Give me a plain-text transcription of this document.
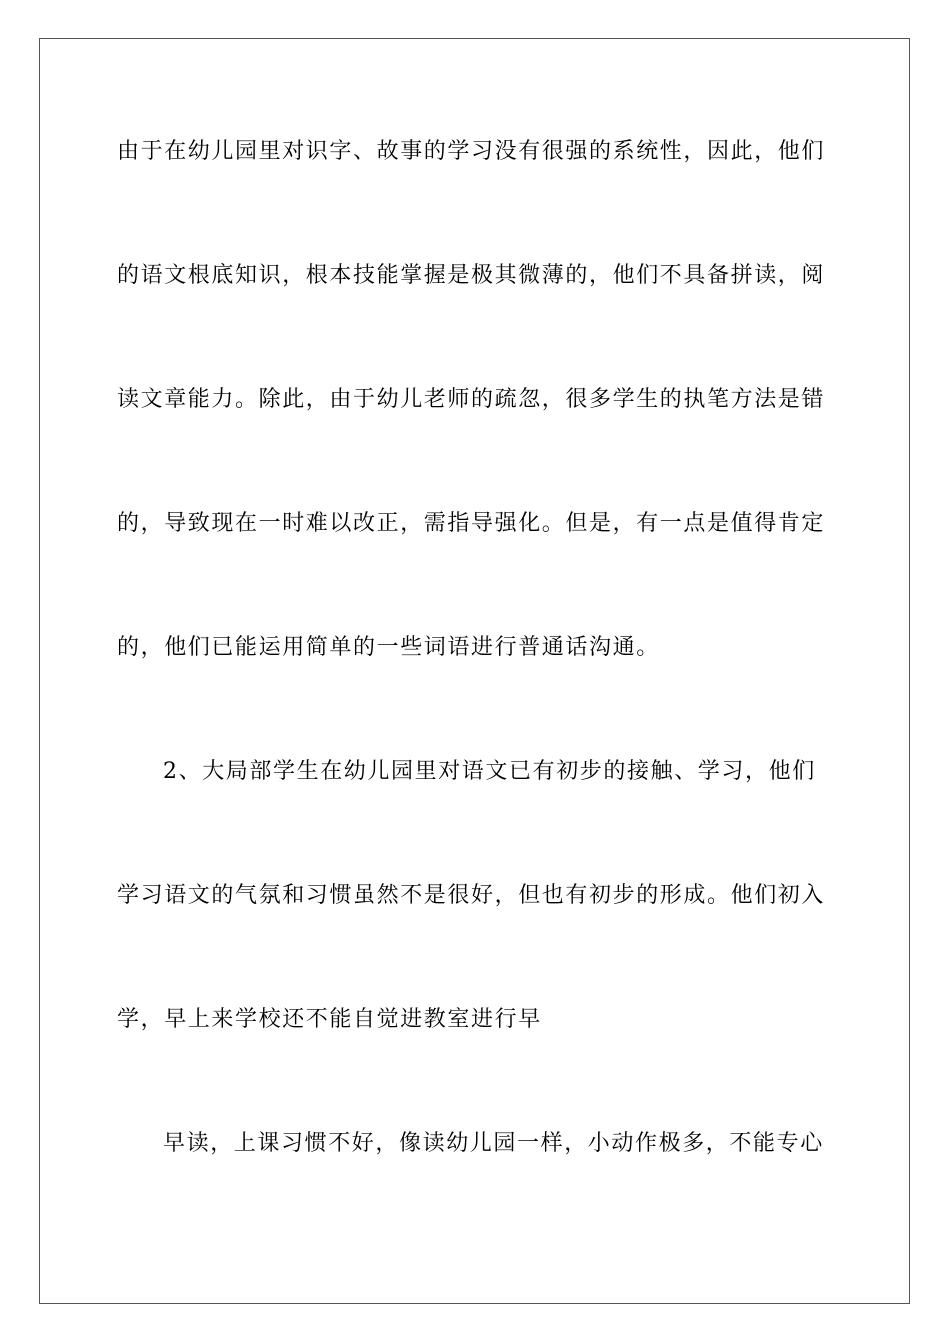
由于在幼儿园里对识字、故事的学习没有很强的系统性，因此，他们
的语文根底知识，根本技能掌握是极其微薄的，他们不具备拼读，阅
读文章能力。除此，由于幼儿老师的疏忽，很多学生的执笔方法是错
的，导致现在一时难以改正，需指导强化。但是，有一点是值得肯定
的，他们已能运用简单的一些词语进行普通话沟通。
2、大局部学生在幼儿园里对语文已有初步的接触、学习，他们
学习语文的气氛和习惯虽然不是很好，但也有初步的形成。他们初入
学，早上来学校还不能自觉进教室进行早
早读，上课习惯不好，像读幼儿园一样，小动作极多，不能专心
